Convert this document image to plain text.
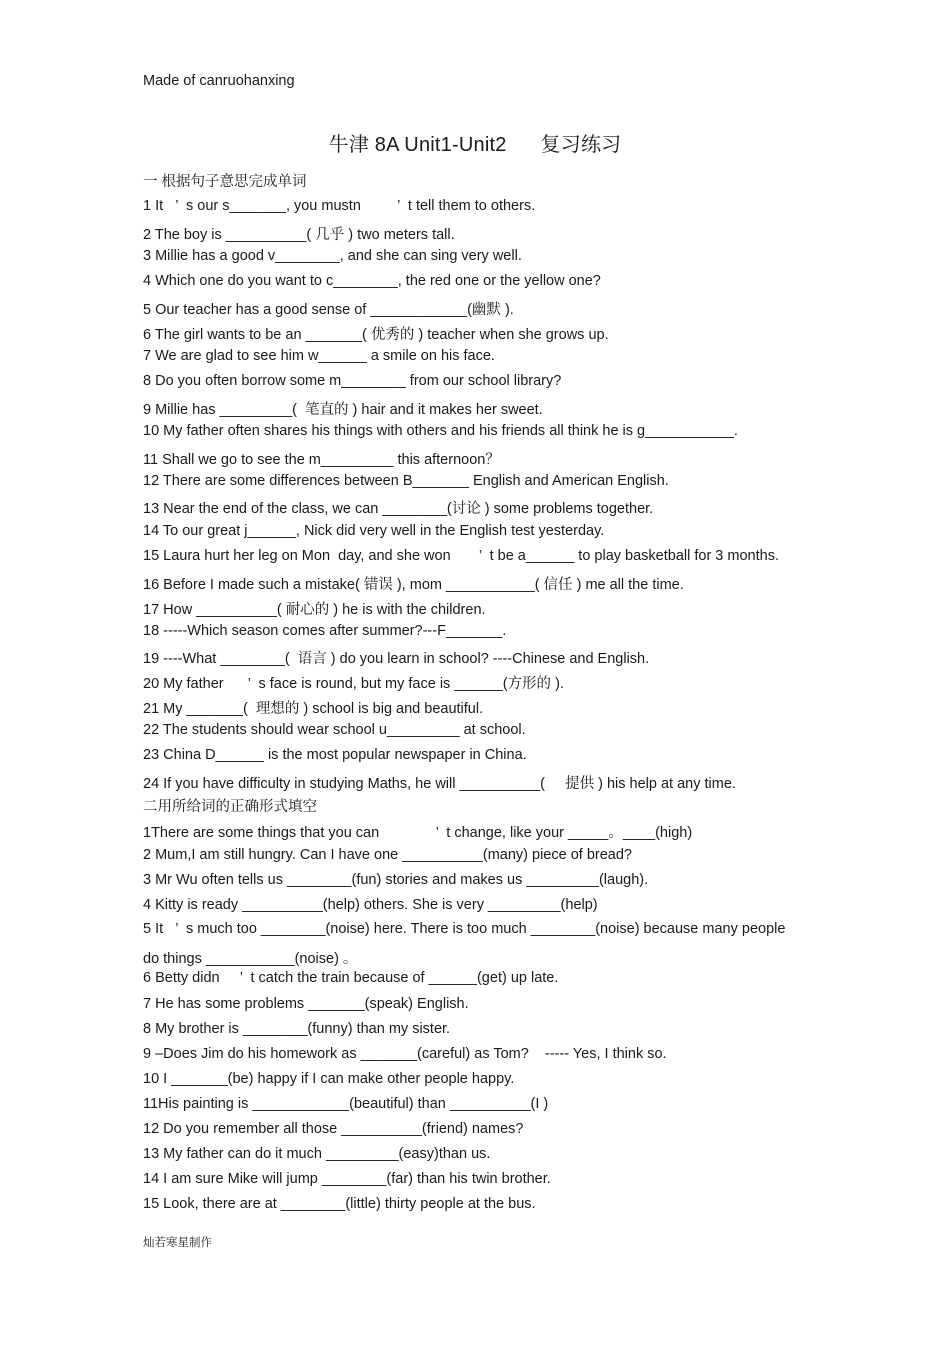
Made of canruohanxing
牛津 8A Unit1-Unit2 复习练习
一 根据句子意思完成单词
1 It   ’  s our s_______, you mustn         ’  t tell them to others.
2 The boy is __________( 几乎 ) two meters tall.
3 Millie has a good v________, and she can sing very well.
4 Which one do you want to c________, the red one or the yellow one?
5 Our teacher has a good sense of ____________(幽默 ).
6 The girl wants to be an _______( 优秀的 ) teacher when she grows up.
7 We are glad to see him w______ a smile on his face.
8 Do you often borrow some m________ from our school library?
9 Millie has _________(  笔直的 ) hair and it makes her sweet.
10 My father often shares his things with others and his friends all think he is g___________.
11 Shall we go to see the m_________ this afternoon？
12 There are some differences between B_______ English and American English.
13 Near the end of the class, we can ________(讨论 ) some problems together.
14 To our great j______, Nick did very well in the English test yesterday.
15 Laura hurt her leg on Mon  day, and she won       ’  t be a______ to play basketball for 3 months.
16 Before I made such a mistake( 错误 ), mom ___________( 信任 ) me all the time.
17 How __________( 耐心的 ) he is with the children.
18 -----Which season comes after summer?---F_______.
19 ----What ________(  语言 ) do you learn in school? ----Chinese and English.
20 My father      ’  s face is round, but my face is ______(方形的 ).
21 My _______(  理想的 ) school is big and beautiful.
22 The students should wear school u_________ at school.
23 China D______ is the most popular newspaper in China.
24 If you have difficulty in studying Maths, he will __________(     提供 ) his help at any time.
二用所给词的正确形式填空
1There are some things that you can              ’  t change, like your _____。____(high)
2 Mum,I am still hungry. Can I have one __________(many) piece of bread?
3 Mr Wu often tells us ________(fun) stories and makes us _________(laugh).
4 Kitty is ready __________(help) others. She is very _________(help)
5 It   ’  s much too ________(noise) here. There is too much ________(noise) because many people
do things ___________(noise) 。
6 Betty didn     ’  t catch the train because of ______(get) up late.
7 He has some problems _______(speak) English.
8 My brother is ________(funny) than my sister.
9 –Does Jim do his homework as _______(careful) as Tom?    ----- Yes, I think so.
10 I _______(be) happy if I can make other people happy.
11His painting is ____________(beautiful) than __________(I )
12 Do you remember all those __________(friend) names?
13 My father can do it much _________(easy)than us.
14 I am sure Mike will jump ________(far) than his twin brother.
15 Look, there are at ________(little) thirty people at the bus.
灿若寒星制作
